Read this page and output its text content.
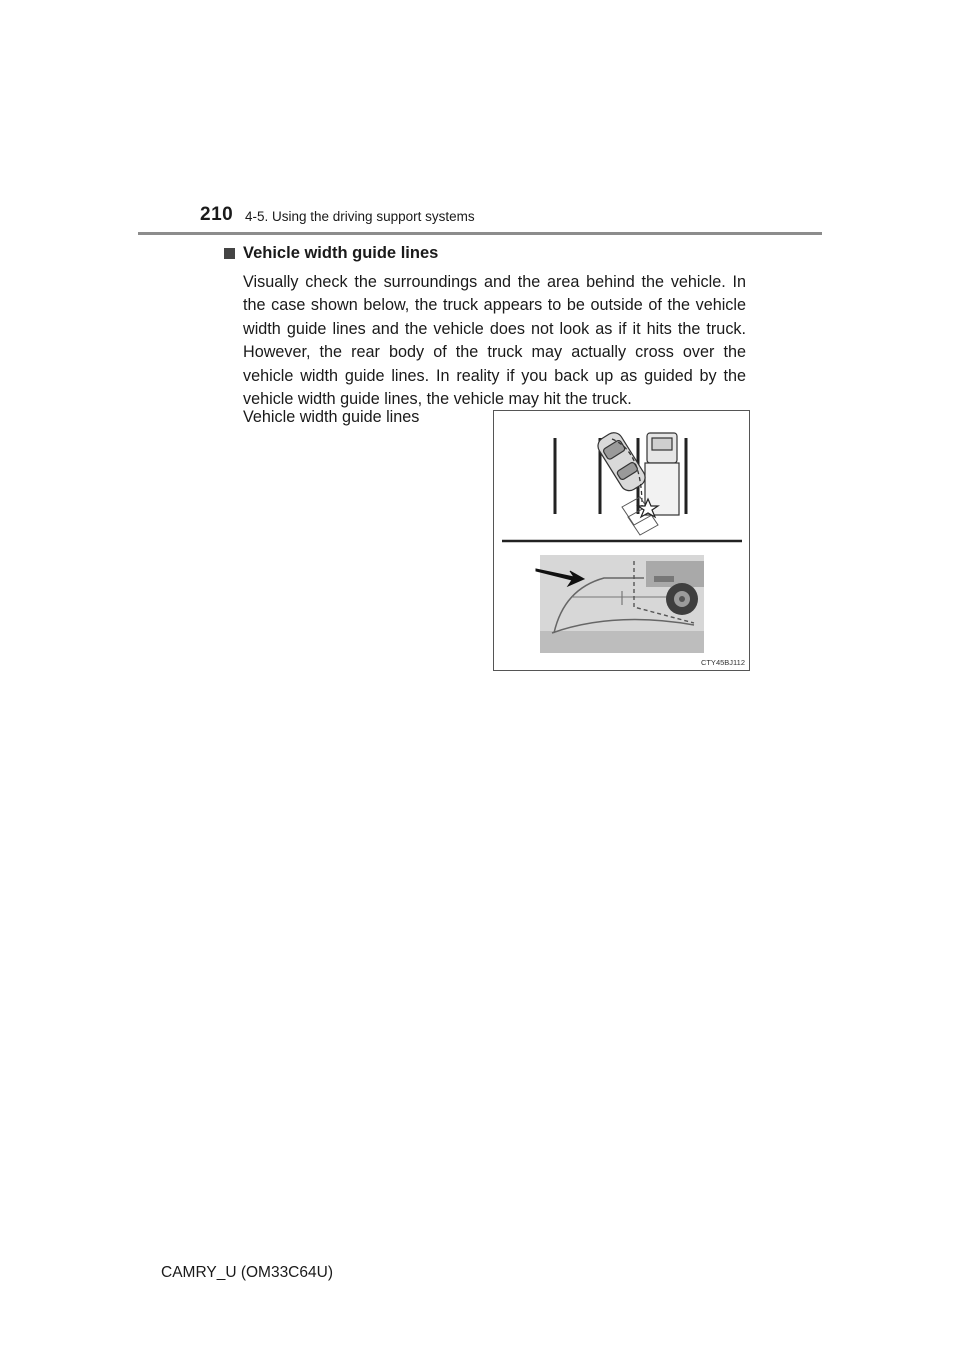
210 4-5. Using the driving support systems
Vehicle width guide lines
Visually check the surroundings and the area behind the vehicle. In the case shown below, the truck appears to be outside of the vehicle width guide lines and the vehicle does not look as if it hits the truck. However, the rear body of the truck may actually cross over the vehicle width guide lines. In reality if you back up as guided by the vehicle width guide lines, the vehicle may hit the truck.
Vehicle width guide lines
CTY45BJ112
CAMRY_U (OM33C64U)
